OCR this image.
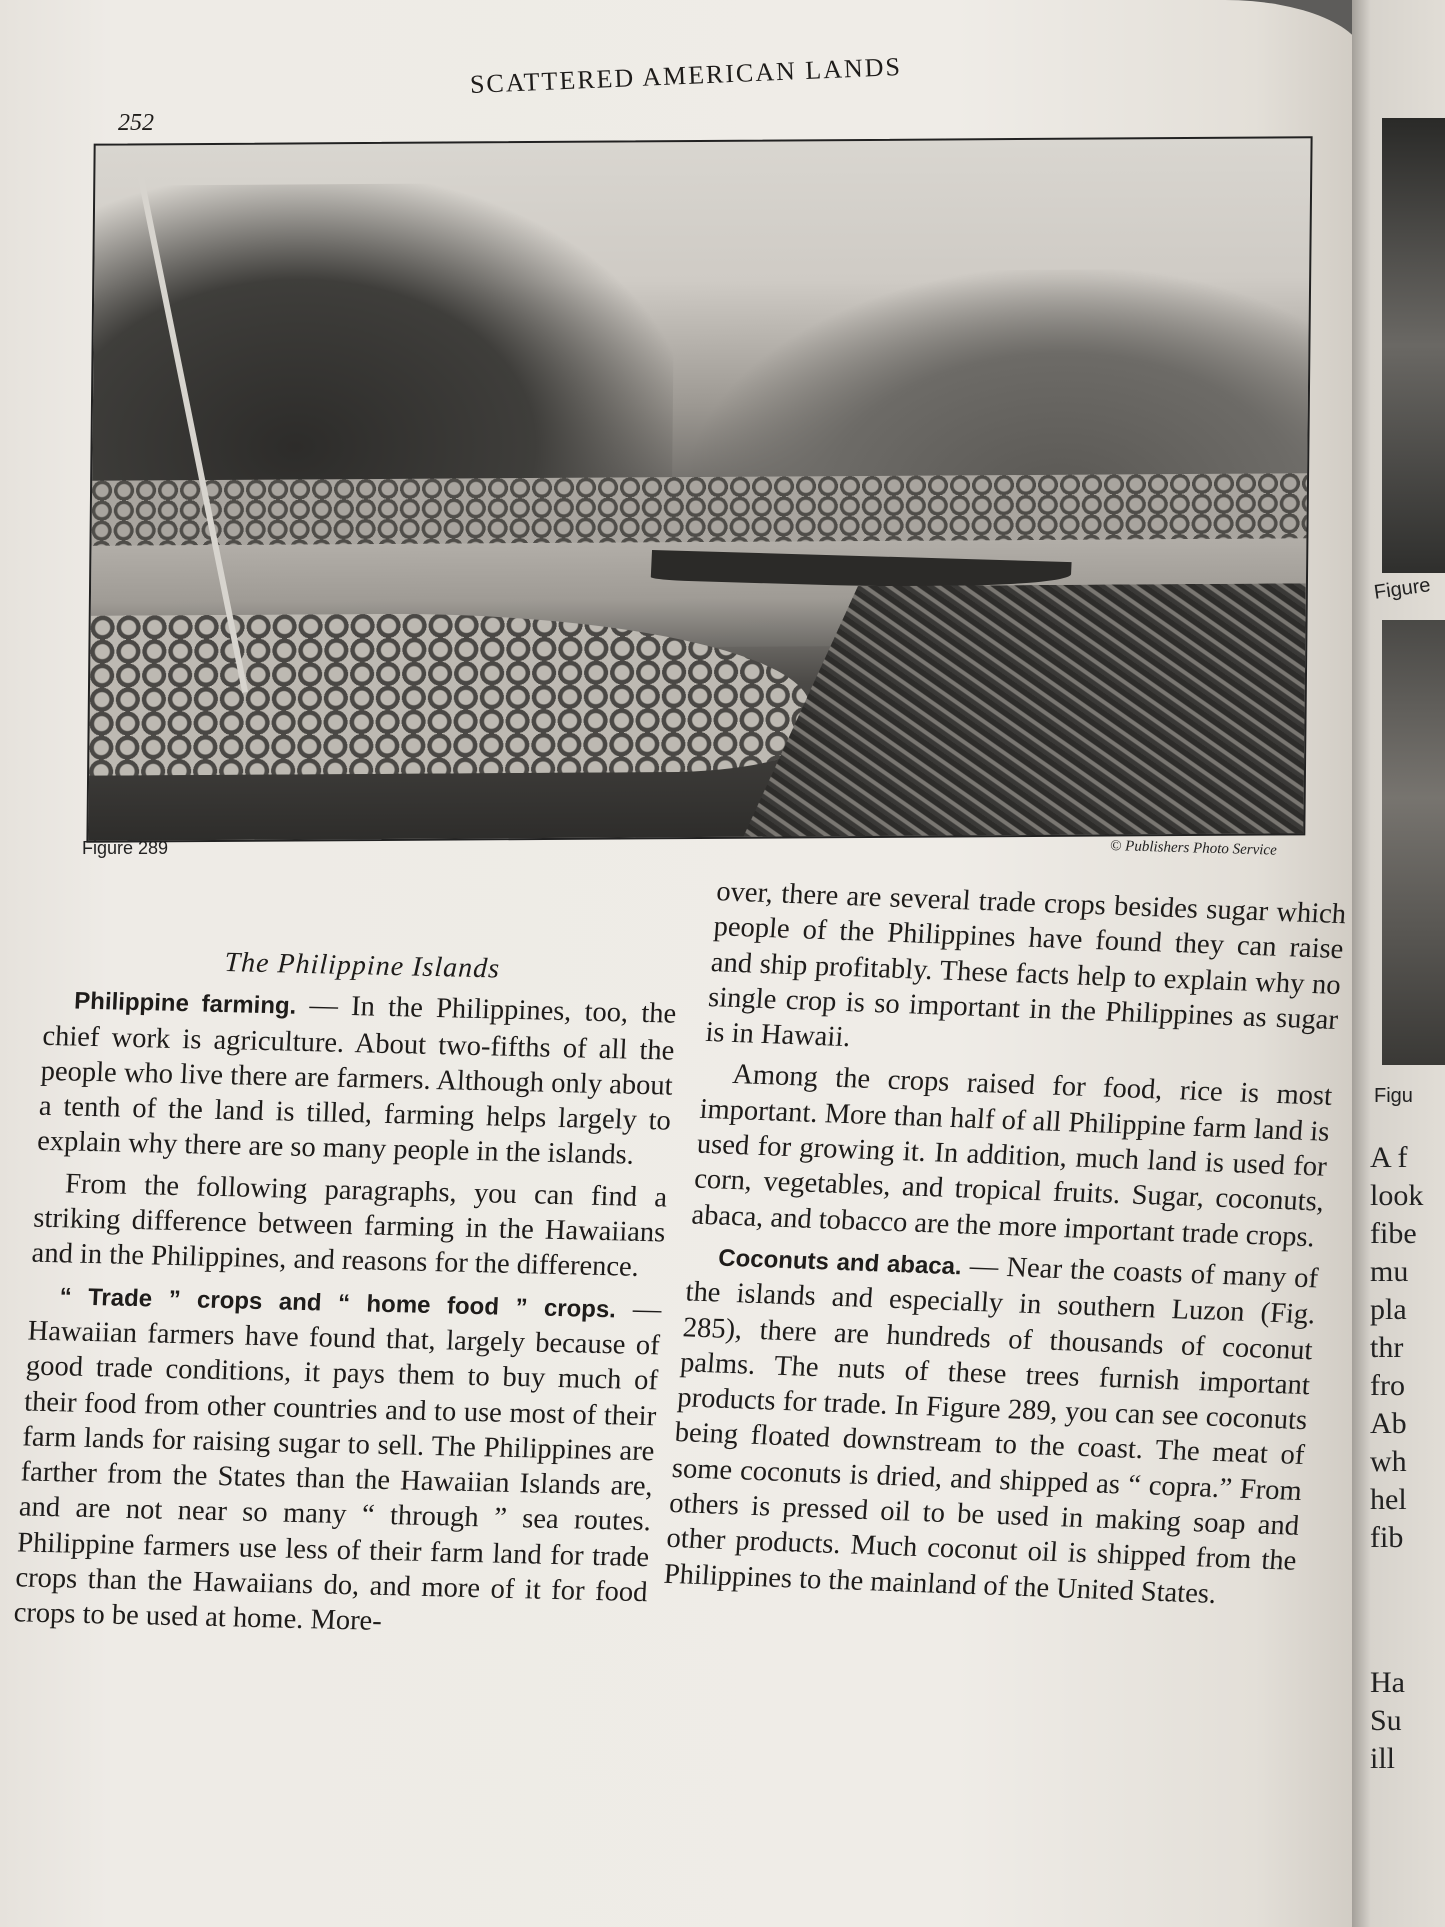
252
SCATTERED AMERICAN LANDS
Figure 289	© Publishers Photo Service

The Philippine Islands

Philippine farming. — In the Philippines, too, the chief work is agriculture. About two-fifths of all the people who live there are farmers. Although only about a tenth of the land is tilled, farming helps largely to explain why there are so many people in the islands.

From the following paragraphs, you can find a striking difference between farming in the Hawaiians and in the Philippines, and reasons for the difference.

“ Trade ” crops and “ home food ” crops. — Hawaiian farmers have found that, largely because of good trade conditions, it pays them to buy much of their food from other countries and to use most of their farm lands for raising sugar to sell. The Philippines are farther from the States than the Hawaiian Islands are, and are not near so many “ through ” sea routes. Philippine farmers use less of their farm land for trade crops than the Hawaiians do, and more of it for food crops to be used at home. More-

over, there are several trade crops besides sugar which people of the Philippines have found they can raise and ship profitably. These facts help to explain why no single crop is so important in the Philippines as sugar is in Hawaii.

Among the crops raised for food, rice is most important. More than half of all Philippine farm land is used for growing it. In addition, much land is used for corn, vegetables, and tropical fruits. Sugar, coconuts, abaca, and tobacco are the more important trade crops.

Coconuts and abaca. — Near the coasts of many of the islands and especially in southern Luzon (Fig. 285), there are hundreds of thousands of coconut palms. The nuts of these trees furnish important products for trade. In Figure 289, you can see coconuts being floated downstream to the coast. The meat of some coconuts is dried, and shipped as “ copra.” From others is pressed oil to be used in making soap and other products. Much coconut oil is shipped from the Philippines to the mainland of the United States.

Figure
Figu
A f
look
fibe
mu
pla
thr
fro
Ab
wh
hel
fib
Ha
Su
ill
